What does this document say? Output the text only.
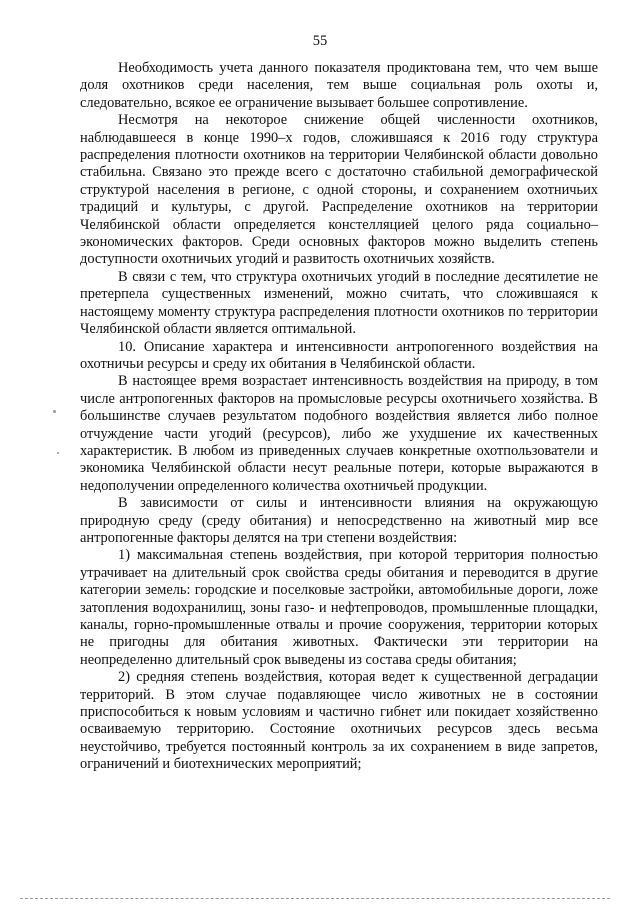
55

Необходимость учета данного показателя продиктована тем, что чем выше доля охотников среди населения, тем выше социальная роль охоты и, следовательно, всякое ее ограничение вызывает большее сопротивление.

Несмотря на некоторое снижение общей численности охотников, наблюдавшееся в конце 1990–х годов, сложившаяся к 2016 году структура распределения плотности охотников на территории Челябинской области довольно стабильна. Связано это прежде всего с достаточно стабильной демографической структурой населения в регионе, с одной стороны, и сохранением охотничьих традиций и культуры, с другой. Распределение охотников на территории Челябинской области определяется констелляцией целого ряда социально–экономических факторов. Среди основных факторов можно выделить степень доступности охотничьих угодий и развитость охотничьих хозяйств.

В связи с тем, что структура охотничьих угодий в последние десятилетие не претерпела существенных изменений, можно считать, что сложившаяся к настоящему моменту структура распределения плотности охотников по территории Челябинской области является оптимальной.

10. Описание характера и интенсивности антропогенного воздействия на охотничьи ресурсы и среду их обитания в Челябинской области.

В настоящее время возрастает интенсивность воздействия на природу, в том числе антропогенных факторов на промысловые ресурсы охотничьего хозяйства. В большинстве случаев результатом подобного воздействия является либо полное отчуждение части угодий (ресурсов), либо же ухудшение их качественных характеристик. В любом из приведенных случаев конкретные охотпользователи и экономика Челябинской области несут реальные потери, которые выражаются в недополучении определенного количества охотничьей продукции.

В зависимости от силы и интенсивности влияния на окружающую природную среду (среду обитания) и непосредственно на животный мир все антропогенные факторы делятся на три степени воздействия:

1) максимальная степень воздействия, при которой территория полностью утрачивает на длительный срок свойства среды обитания и переводится в другие категории земель: городские и поселковые застройки, автомобильные дороги, ложе затопления водохранилищ, зоны газо- и нефтепроводов, промышленные площадки, каналы, горно-промышленные отвалы и прочие сооружения, территории которых не пригодны для обитания животных. Фактически эти территории на неопределенно длительный срок выведены из состава среды обитания;

2) средняя степень воздействия, которая ведет к существенной деградации территорий. В этом случае подавляющее число животных не в состоянии приспособиться к новым условиям и частично гибнет или покидает хозяйственно осваиваемую территорию. Состояние охотничьих ресурсов здесь весьма неустойчиво, требуется постоянный контроль за их сохранением в виде запретов, ограничений и биотехнических мероприятий;
